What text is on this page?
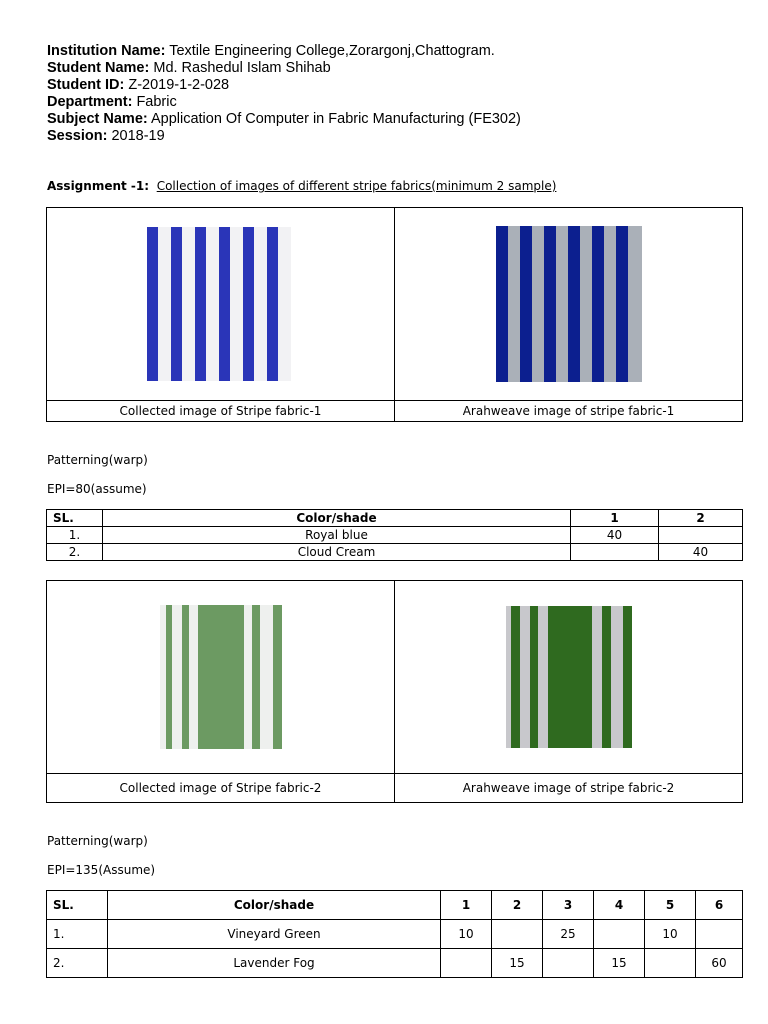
Institution Name: Textile Engineering College,Zorargonj,Chattogram.
Student Name: Md. Rashedul Islam Shihab
Student ID: Z-2019-1-2-028
Department: Fabric
Subject Name: Application Of Computer in Fabric Manufacturing (FE302)
Session: 2018-19
Assignment -1: Collection of images of different stripe fabrics(minimum 2 sample)

Collected image of Stripe fabric-1	Arahweave image of stripe fabric-1
Patterning(warp)
EPI=80(assume)
SL.	Color/shade	1	2
1.	Royal blue	40	
2.	Cloud Cream		40

Collected image of Stripe fabric-2	Arahweave image of stripe fabric-2
Patterning(warp)
EPI=135(Assume)
SL.	Color/shade	1	2	3	4	5	6
1.	Vineyard Green	10		25		10	
2.	Lavender Fog		15		15		60
